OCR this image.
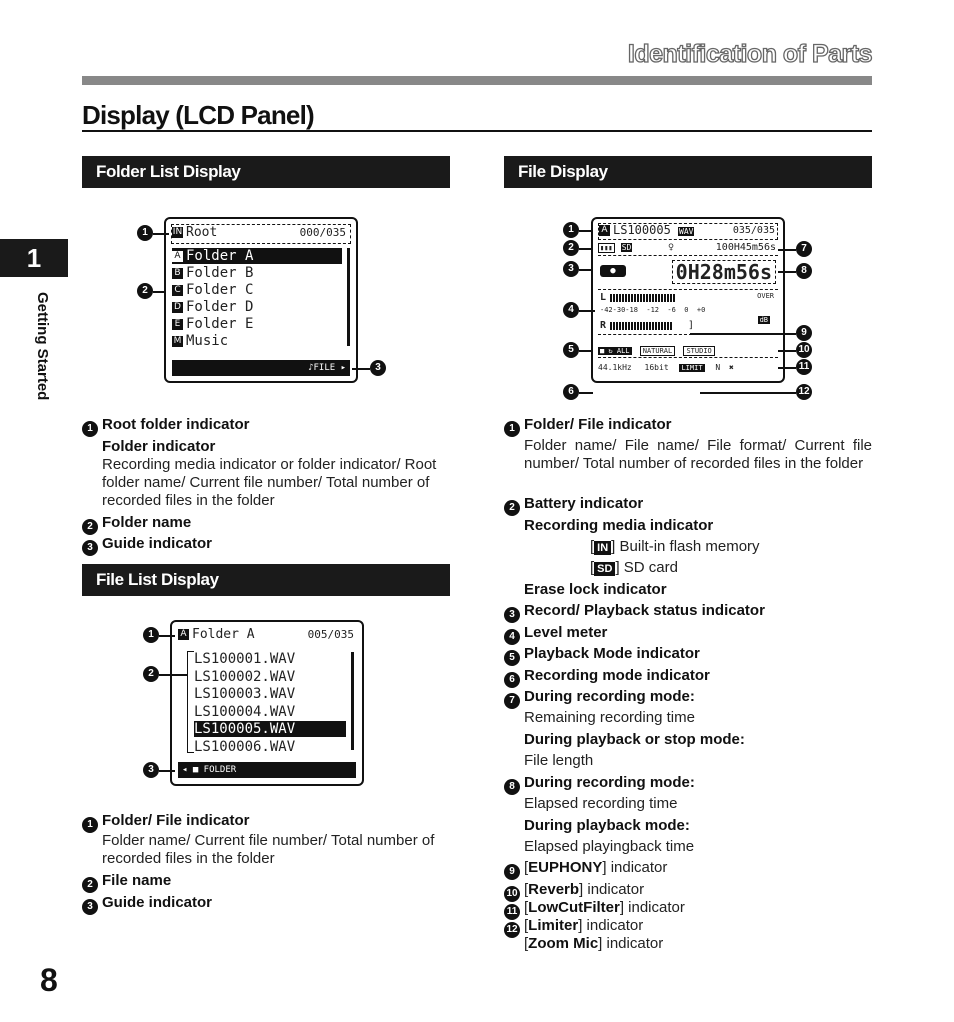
Identification of Parts
Display (LCD Panel)
1
Getting Started
8
Folder List Display
IN Root	000/035
♪FILE ▸
A Folder A
B Folder B
C Folder C
D Folder D
E Folder E
M Music
1
2
3
1 Root folder indicator
Folder indicator
Recording media indicator or folder indicator/ Root folder name/ Current file number/ Total number of recorded files in the folder
2 Folder name
3 Guide indicator
File List Display
A Folder A	005/035
◂ ■ FOLDER
LS100001.WAV
LS100002.WAV
LS100003.WAV
LS100004.WAV
LS100005.WAV
LS100006.WAV
1
2
3
1 Folder/ File indicator
Folder name/ Current file number/ Total number of recorded files in the folder
2 File name
3 Guide indicator
File Display
A LS100005 WAV	035/035
▮▮▮ SD	♀	100H45m56s
●	0H28m56s
L	OVER
-42-30-18  -12  -6  0  +0
dB
R	]
■ ↻ ALL NATURAL STUDIO
44.1kHz 16bit LIMIT N ✖
1 Folder/ File indicator
Folder name/ File name/ File format/ Current file number/ Total number of recorded files in the folder
2 Battery indicator
Recording media indicator
[ IN ] Built-in flash memory
[ SD ] SD card
Erase lock indicator
3 Record/ Playback status indicator
4 Level meter
5 Playback Mode indicator
6 Recording mode indicator
7 During recording mode:
Remaining recording time
During playback or stop mode:
File length
8 During recording mode:
Elapsed recording time
During playback mode:
Elapsed playingback time
9 [EUPHONY] indicator
10 [Reverb] indicator
11 [LowCutFilter] indicator
12 [Limiter] indicator
[Zoom Mic] indicator
1
2
3
4
5
6
7
8
9
10
11
12
